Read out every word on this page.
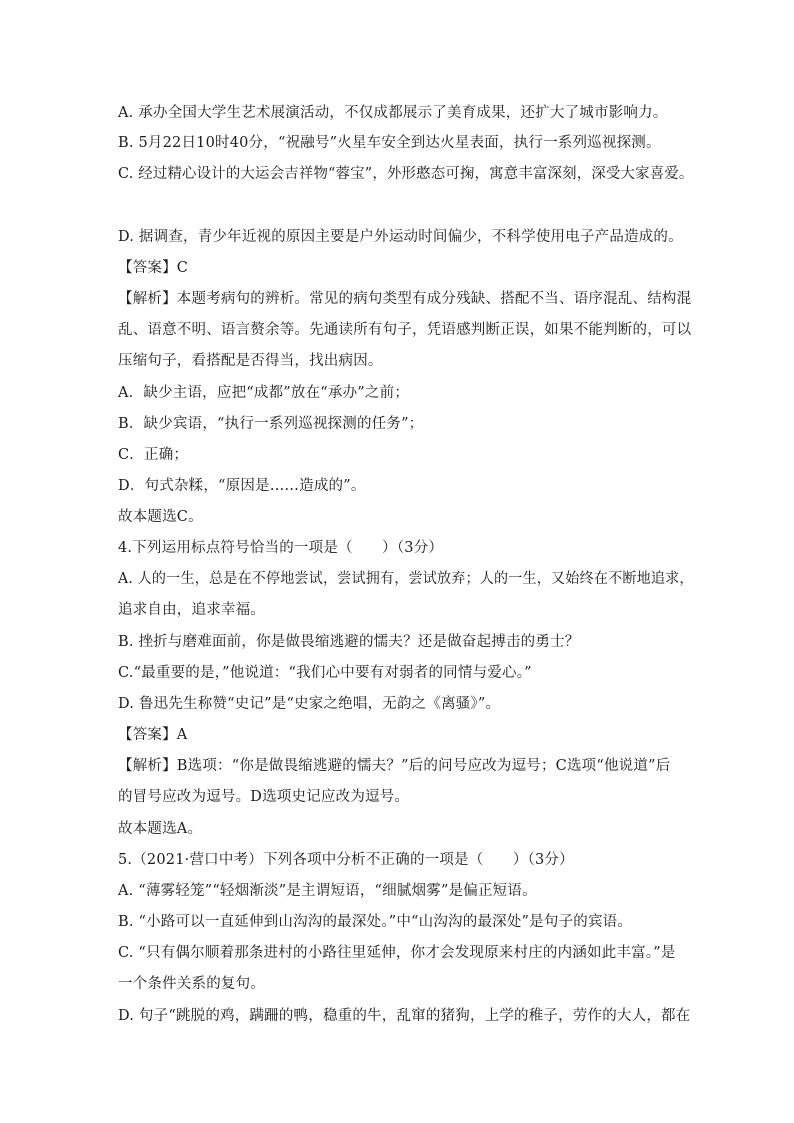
A. 承办全国大学生艺术展演活动，不仅成都展示了美育成果，还扩大了城市影响力。
B. 5月22日10时40分，“祝融号”火星车安全到达火星表面，执行一系列巡视探测。
C. 经过精心设计的大运会吉祥物“蓉宝”，外形憨态可掬，寓意丰富深刻，深受大家喜爱。
D. 据调查，青少年近视的原因主要是户外运动时间偏少，不科学使用电子产品造成的。
【答案】C
【解析】本题考病句的辨析。常见的病句类型有成分残缺、搭配不当、语序混乱、结构混
乱、语意不明、语言赘余等。先通读所有句子，凭语感判断正误，如果不能判断的，可以
压缩句子，看搭配是否得当，找出病因。
A．缺少主语，应把“成都”放在“承办”之前；
B．缺少宾语，“执行一系列巡视探测的任务”；
C．正确；
D．句式杂糅，“原因是……造成的”。
故本题选C。
4.下列运用标点符号恰当的一项是（　　）（3分）
A. 人的一生，总是在不停地尝试，尝试拥有，尝试放弃；人的一生，又始终在不断地追求，
追求自由，追求幸福。
B. 挫折与磨难面前，你是做畏缩逃避的懦夫？还是做奋起搏击的勇士？
C.“最重要的是，”他说道：“我们心中要有对弱者的同情与爱心。”
D. 鲁迅先生称赞“史记”是“史家之绝唱，无韵之《离骚》”。
【答案】A
【解析】B选项：“你是做畏缩逃避的懦夫？”后的问号应改为逗号；C选项“他说道”后
的冒号应改为逗号。D选项史记应改为逗号。
故本题选A。
5.（2021·营口中考）下列各项中分析不正确的一项是（　　）（3分）
A. “薄雾轻笼”“轻烟渐淡”是主谓短语，“细腻烟雾”是偏正短语。
B. “小路可以一直延伸到山沟沟的最深处。”中“山沟沟的最深处”是句子的宾语。
C. “只有偶尔顺着那条进村的小路往里延伸，你才会发现原来村庄的内涵如此丰富。”是
一个条件关系的复句。
D. 句子“跳脱的鸡，蹒跚的鸭，稳重的牛，乱窜的猪狗，上学的稚子，劳作的大人，都在
